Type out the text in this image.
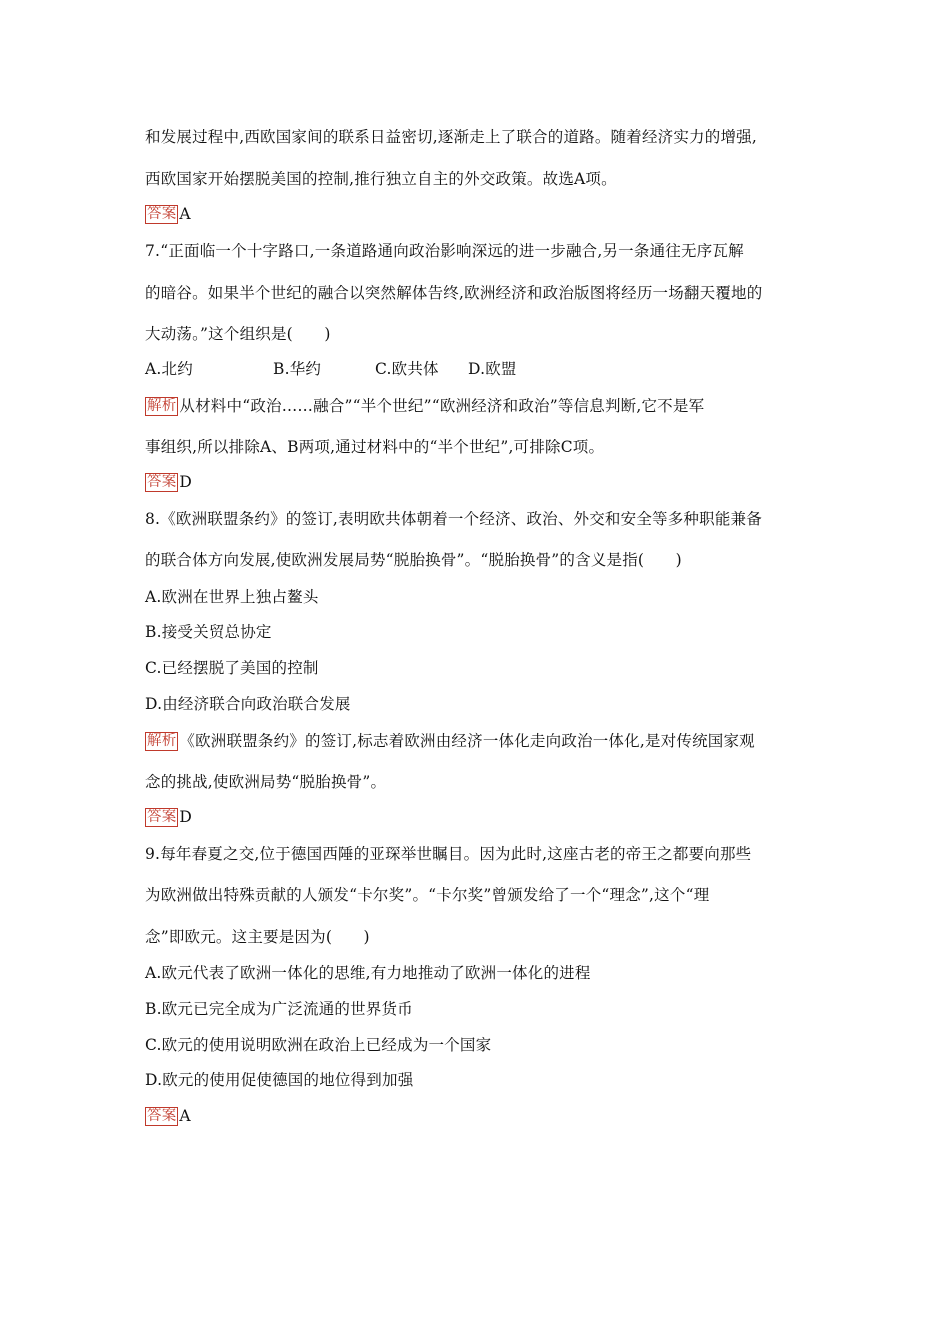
和发展过程中,西欧国家间的联系日益密切,逐渐走上了联合的道路。随着经济实力的增强,
西欧国家开始摆脱美国的控制,推行独立自主的外交政策。故选A项。
答案 A
7.“正面临一个十字路口,一条道路通向政治影响深远的进一步融合,另一条通往无序瓦解
的暗谷。如果半个世纪的融合以突然解体告终,欧洲经济和政治版图将经历一场翻天覆地的
大动荡。”这个组织是(　　)
A.北约	B.华约	C.欧共体 D.欧盟
解析 从材料中“政治……融合”“半个世纪”“欧洲经济和政治”等信息判断,它不是军
事组织,所以排除A、B两项,通过材料中的“半个世纪”,可排除C项。
答案 D
8.《欧洲联盟条约》的签订,表明欧共体朝着一个经济、政治、外交和安全等多种职能兼备
的联合体方向发展,使欧洲发展局势“脱胎换骨”。“脱胎换骨”的含义是指(　　)
A.欧洲在世界上独占鳌头
B.接受关贸总协定
C.已经摆脱了美国的控制
D.由经济联合向政治联合发展
解析 《欧洲联盟条约》的签订,标志着欧洲由经济一体化走向政治一体化,是对传统国家观
念的挑战,使欧洲局势“脱胎换骨”。
答案 D
9.每年春夏之交,位于德国西陲的亚琛举世瞩目。因为此时,这座古老的帝王之都要向那些
为欧洲做出特殊贡献的人颁发“卡尔奖”。“卡尔奖”曾颁发给了一个“理念”,这个“理
念”即欧元。这主要是因为(　　)
A.欧元代表了欧洲一体化的思维,有力地推动了欧洲一体化的进程
B.欧元已完全成为广泛流通的世界货币
C.欧元的使用说明欧洲在政治上已经成为一个国家
D.欧元的使用促使德国的地位得到加强
答案 A
